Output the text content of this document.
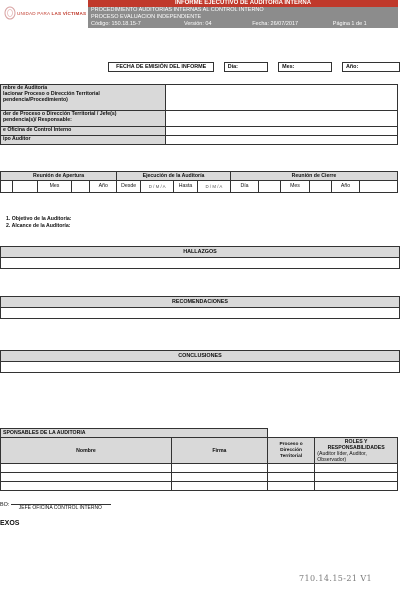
UNIDAD PARA LAS VÍCTIMAS
INFORME EJECUTIVO DE AUDITORIA INTERNA
PROCEDIMIENTO AUDITORIAS INTERNAS AL CONTROL INTERNO
PROCESO EVALUACIÓN INDEPENDIENTE
Código: 150.18.15-7	Versión: 04	Fecha: 26/07/2017	Página 1 de 1
	FECHA DE EMISIÓN DEL INFORME		Día:		Mes:		Año:
mbre de Auditoría
lacionar Proceso o Dirección Territorial
pendencia/Procedimiento)	

der de Proceso o Dirección Territorial / Jefe(s)
pendencia(s)/ Responsable:	

e Oficina de Control Interno	
ipo Auditor	
Reunión de Apertura					Ejecución de la Auditoría				Reunión de Cierre					
		Mes		Año	Desde	D / M / A	Hasta	D / M / A	Día		Mes		Año	
1. Objetivo de la Auditoría:
2. Alcance de la Auditoría:
HALLAZGOS
RECOMENDACIONES
CONCLUSIONES
SPONSABLES DE LA AUDITORIA			
Nombre	Firma	Proceso o Dirección Territorial	ROLES Y RESPONSABILIDADES
(Auditor líder, Auditor, Observador)

BO: JEFE OFICINA CONTROL INTERNO
EXOS
710.14.15-21 V1
